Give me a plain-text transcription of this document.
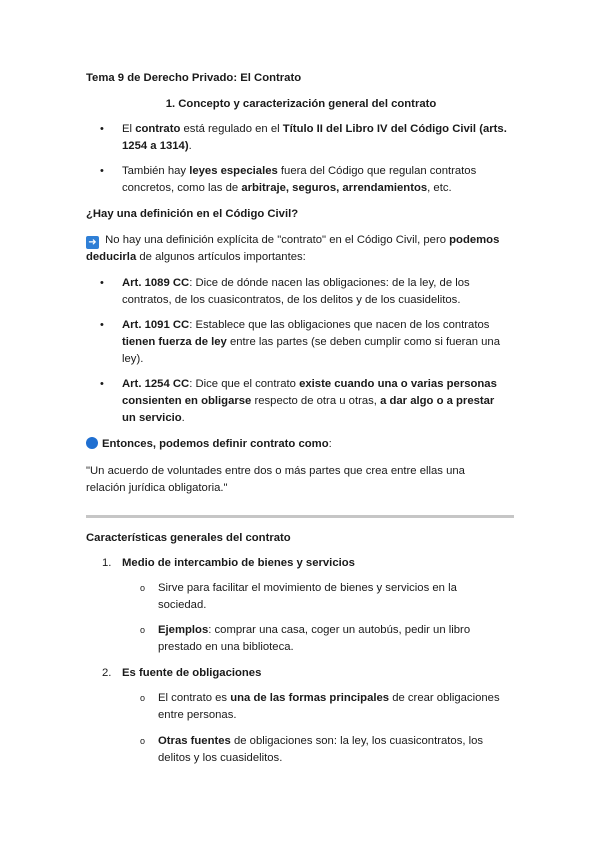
Tema 9 de Derecho Privado: El Contrato
1. Concepto y caracterización general del contrato
•	El contrato está regulado en el Título II del Libro IV del Código Civil (arts.
1254 a 1314).
•	También hay leyes especiales fuera del Código que regulan contratos
concretos, como las de arbitraje, seguros, arrendamientos, etc.
¿Hay una definición en el Código Civil?
➜ No hay una definición explícita de "contrato" en el Código Civil, pero podemos
deducirla de algunos artículos importantes:
•	Art. 1089 CC: Dice de dónde nacen las obligaciones: de la ley, de los
contratos, de los cuasicontratos, de los delitos y de los cuasidelitos.
•	Art. 1091 CC: Establece que las obligaciones que nacen de los contratos
tienen fuerza de ley entre las partes (se deben cumplir como si fueran una
ley).
•	Art. 1254 CC: Dice que el contrato existe cuando una o varias personas
consienten en obligarse respecto de otra u otras, a dar algo o a prestar
un servicio.
Entonces, podemos definir contrato como:
"Un acuerdo de voluntades entre dos o más partes que crea entre ellas una
relación jurídica obligatoria."
Características generales del contrato
1. Medio de intercambio de bienes y servicios
o Sirve para facilitar el movimiento de bienes y servicios en la
sociedad.
o Ejemplos: comprar una casa, coger un autobús, pedir un libro
prestado en una biblioteca.
2. Es fuente de obligaciones
o El contrato es una de las formas principales de crear obligaciones
entre personas.
o Otras fuentes de obligaciones son: la ley, los cuasicontratos, los
delitos y los cuasidelitos.
